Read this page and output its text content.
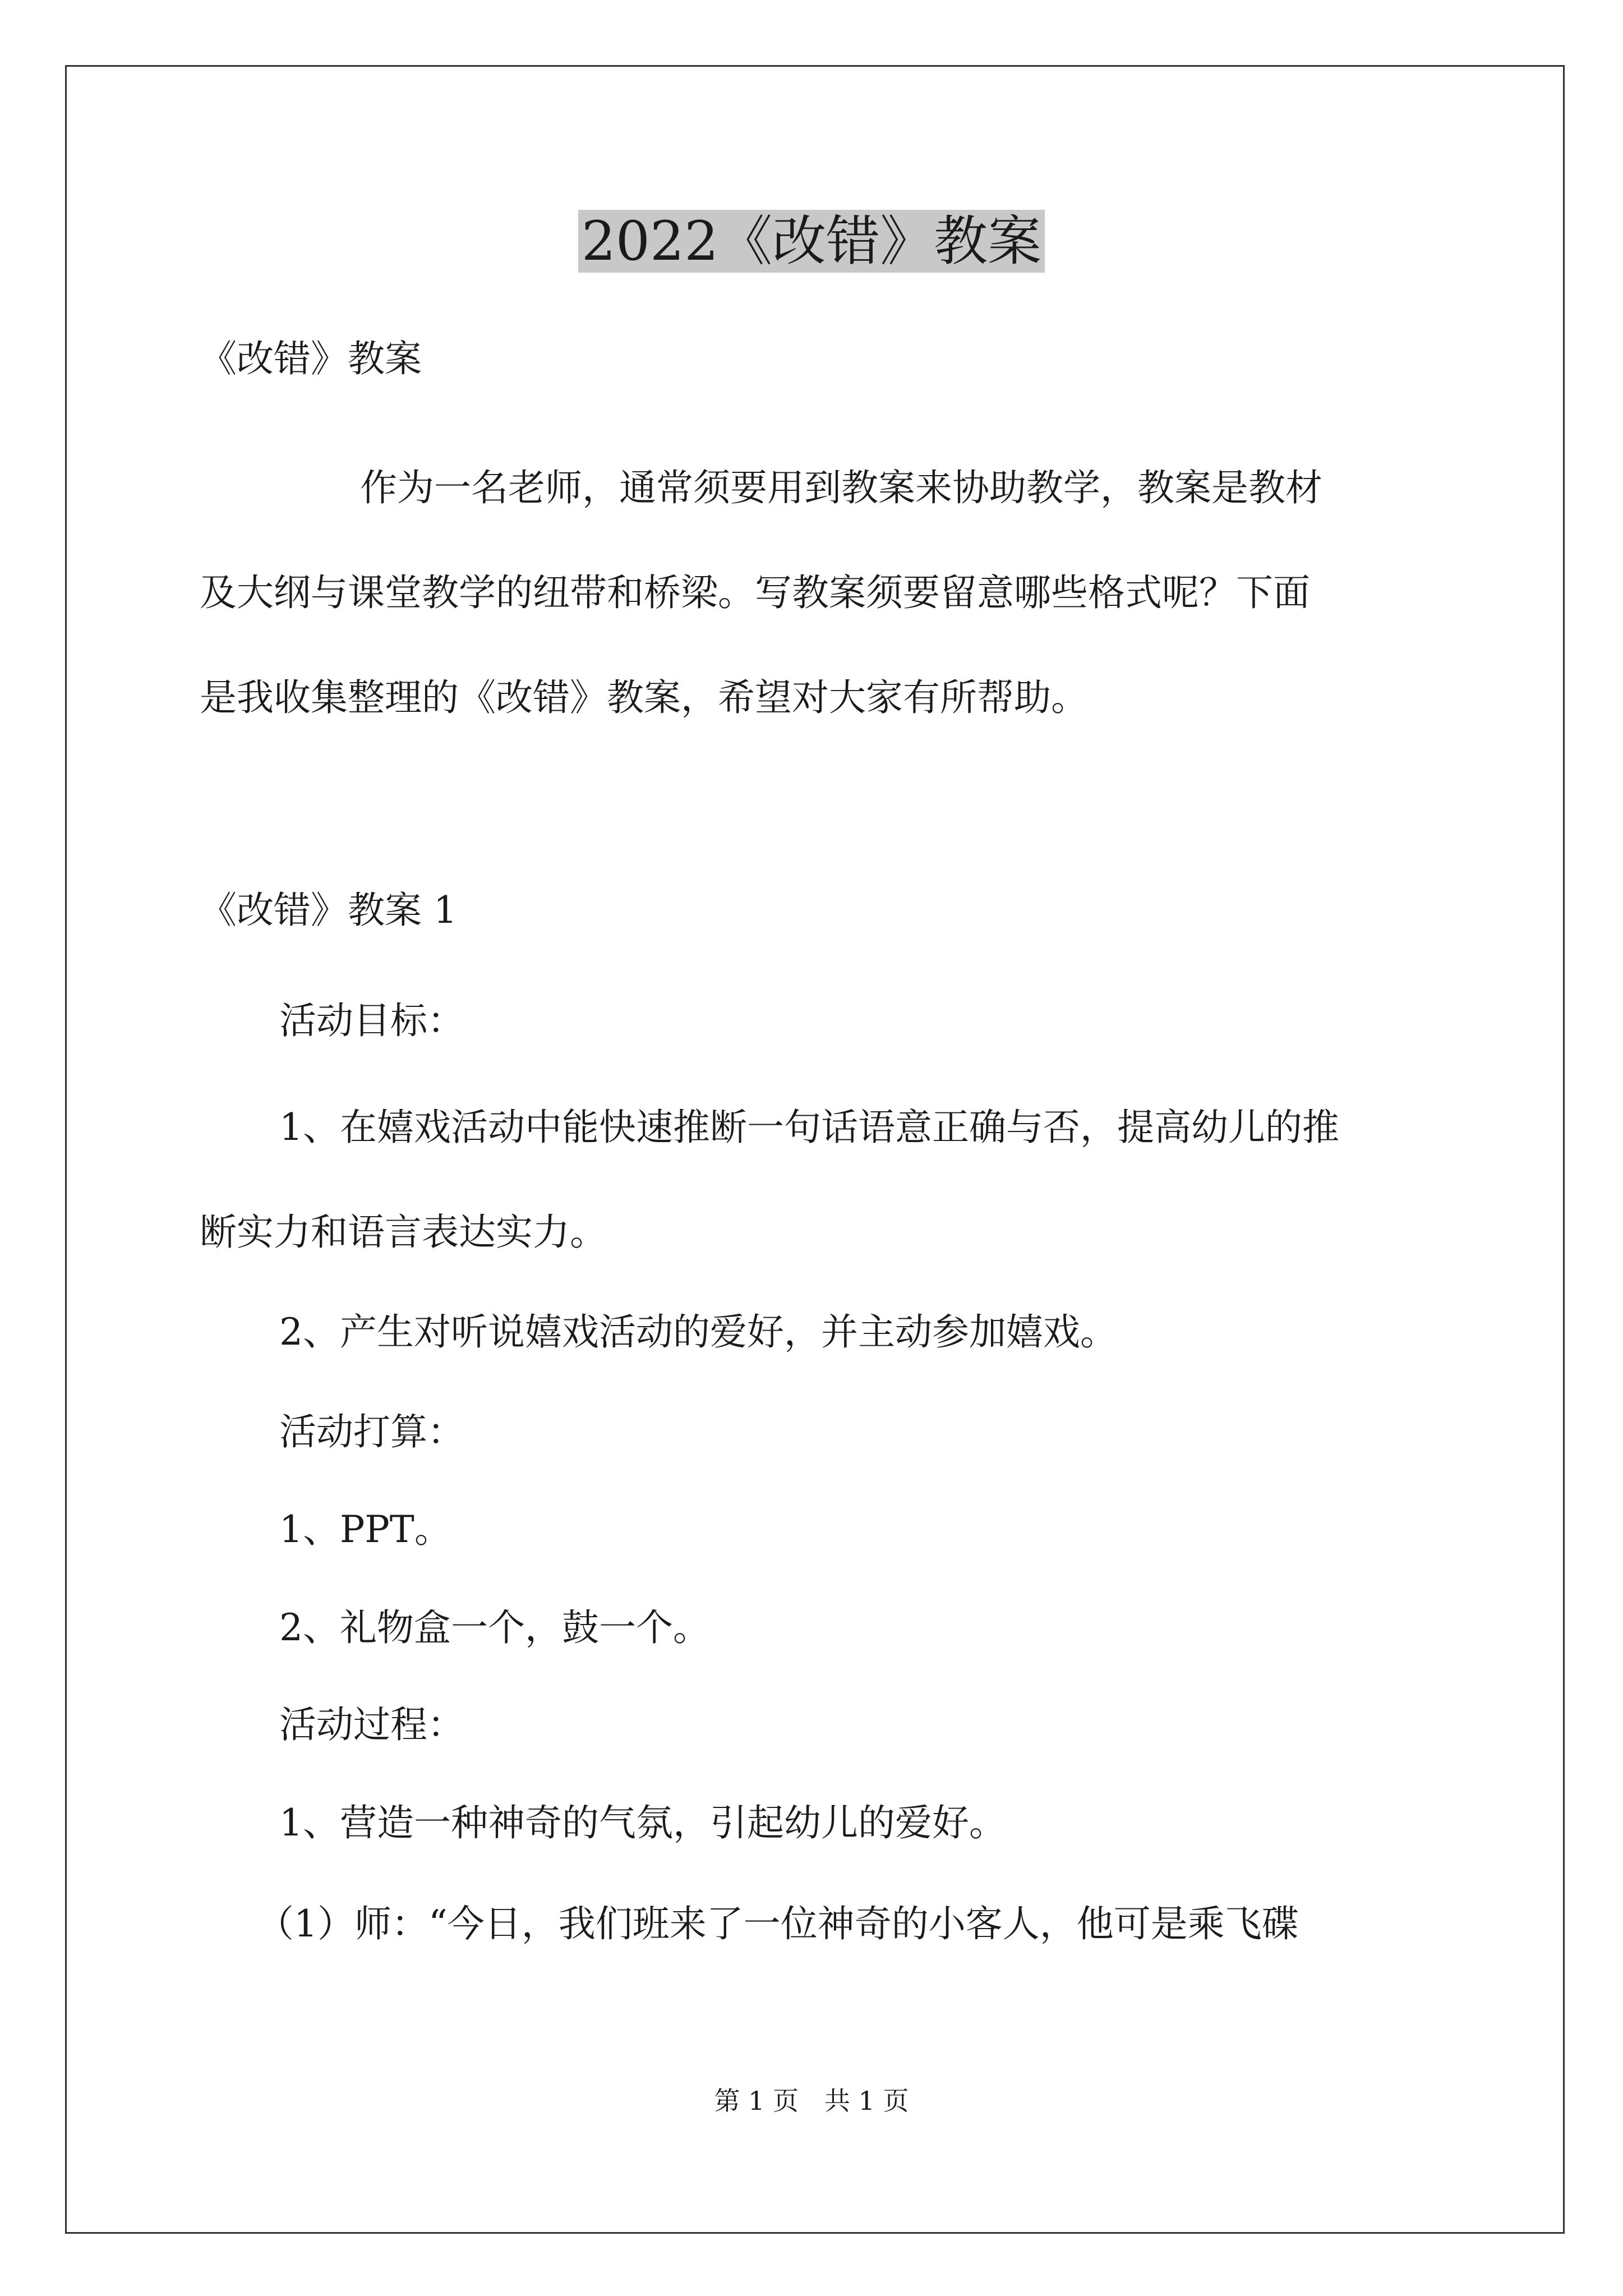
2022《改错》教案
《改错》教案
作为一名老师，通常须要用到教案来协助教学，教案是教材
及大纲与课堂教学的纽带和桥梁。写教案须要留意哪些格式呢？下面
是我收集整理的《改错》教案，希望对大家有所帮助。
《改错》教案 1
活动目标：
1、在嬉戏活动中能快速推断一句话语意正确与否，提高幼儿的推
断实力和语言表达实力。
2、产生对听说嬉戏活动的爱好，并主动参加嬉戏。
活动打算：
1、PPT。
2、礼物盒一个，鼓一个。
活动过程：
1、营造一种神奇的气氛，引起幼儿的爱好。
（1）师：“今日，我们班来了一位神奇的小客人，他可是乘飞碟
第 1 页　共 1 页
